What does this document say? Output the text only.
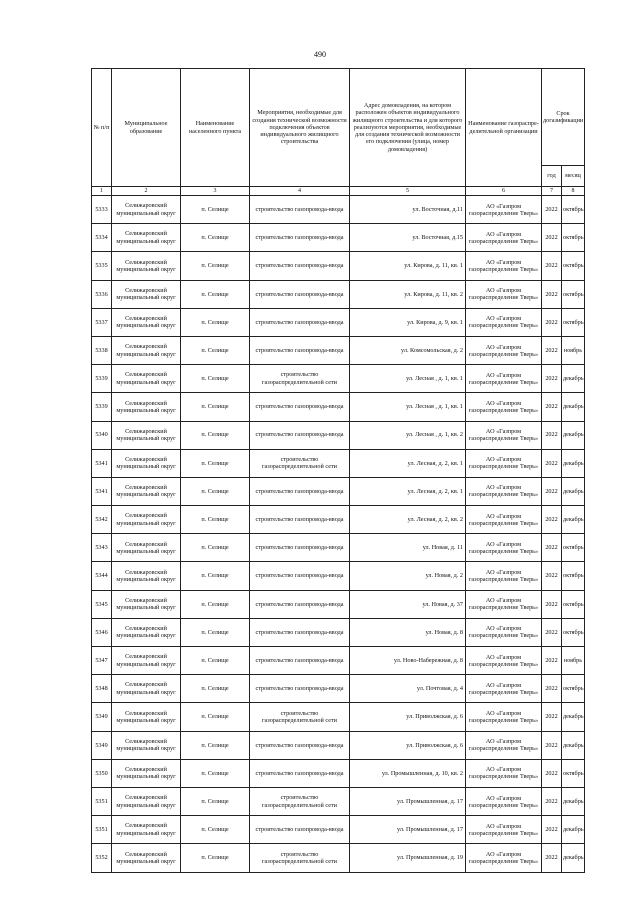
490
№ п/п	Муниципальное образование	Наименование населенного пункта	Мероприятия, необходимые для создания технической возможности подключения объектов индивидуального жилищного строительства	Адрес домовладения, на котором расположен объектов индивидуального жилищного строительства и для которого реализуются мероприятия, необходимые для создания технической возможности его подключения (улица, номер домовладения)	Наименование газораспре-делительной организации	Срок догазификации	
						год	месяц
1	2	3	4	5	6	7	8
5333	Селижаровский муниципальный округ	п. Селище	строительство газопровода-ввода	ул. Восточная, д.11	АО «Газпром газораспределение Тверь»	2022	октябрь
5334	Селижаровский муниципальный округ	п. Селище	строительство газопровода-ввода	ул. Восточная, д.15	АО «Газпром газораспределение Тверь»	2022	октябрь
5335	Селижаровский муниципальный округ	п. Селище	строительство газопровода-ввода	ул. Кирова, д. 11, кв. 1	АО «Газпром газораспределение Тверь»	2022	октябрь
5336	Селижаровский муниципальный округ	п. Селище	строительство газопровода-ввода	ул. Кирова, д. 11, кв. 2	АО «Газпром газораспределение Тверь»	2022	октябрь
5337	Селижаровский муниципальный округ	п. Селище	строительство газопровода-ввода	ул. Кирова, д. 9, кв. 1	АО «Газпром газораспределение Тверь»	2022	октябрь
5338	Селижаровский муниципальный округ	п. Селище	строительство газопровода-ввода	ул. Комсомольская, д. 2	АО «Газпром газораспределение Тверь»	2022	ноябрь
5339	Селижаровский муниципальный округ	п. Селище	строительство газораспределительной сети	ул. Лесная , д. 1, кв. 1	АО «Газпром газораспределение Тверь»	2022	декабрь
5339	Селижаровский муниципальный округ	п. Селище	строительство газопровода-ввода	ул. Лесная , д. 1, кв. 1	АО «Газпром газораспределение Тверь»	2022	декабрь
5340	Селижаровский муниципальный округ	п. Селище	строительство газопровода-ввода	ул. Лесная , д. 1, кв. 2	АО «Газпром газораспределение Тверь»	2022	декабрь
5341	Селижаровский муниципальный округ	п. Селище	строительство газораспределительной сети	ул. Лесная, д. 2, кв. 1	АО «Газпром газораспределение Тверь»	2022	декабрь
5341	Селижаровский муниципальный округ	п. Селище	строительство газопровода-ввода	ул. Лесная, д. 2, кв. 1	АО «Газпром газораспределение Тверь»	2022	декабрь
5342	Селижаровский муниципальный округ	п. Селище	строительство газопровода-ввода	ул. Лесная, д. 2, кв. 2	АО «Газпром газораспределение Тверь»	2022	декабрь
5343	Селижаровский муниципальный округ	п. Селище	строительство газопровода-ввода	ул. Новая, д. 11	АО «Газпром газораспределение Тверь»	2022	октябрь
5344	Селижаровский муниципальный округ	п. Селище	строительство газопровода-ввода	ул. Новая, д. 2	АО «Газпром газораспределение Тверь»	2022	октябрь
5345	Селижаровский муниципальный округ	п. Селище	строительство газопровода-ввода	ул. Новая, д. 37	АО «Газпром газораспределение Тверь»	2022	октябрь
5346	Селижаровский муниципальный округ	п. Селище	строительство газопровода-ввода	ул. Новая, д. 8	АО «Газпром газораспределение Тверь»	2022	октябрь
5347	Селижаровский муниципальный округ	п. Селище	строительство газопровода-ввода	ул. Ново-Набережная, д. 8	АО «Газпром газораспределение Тверь»	2022	ноябрь
5348	Селижаровский муниципальный округ	п. Селище	строительство газопровода-ввода	ул. Почтовая, д. 4	АО «Газпром газораспределение Тверь»	2022	октябрь
5349	Селижаровский муниципальный округ	п. Селище	строительство газораспределительной сети	ул. Приволжская, д. 6	АО «Газпром газораспределение Тверь»	2022	декабрь
5349	Селижаровский муниципальный округ	п. Селище	строительство газопровода-ввода	ул. Приволжская, д. 6	АО «Газпром газораспределение Тверь»	2022	декабрь
5350	Селижаровский муниципальный округ	п. Селище	строительство газопровода-ввода	ул. Промышленная, д. 10, кв. 2	АО «Газпром газораспределение Тверь»	2022	октябрь
5351	Селижаровский муниципальный округ	п. Селище	строительство газораспределительной сети	ул. Промышленная, д. 17	АО «Газпром газораспределение Тверь»	2022	декабрь
5351	Селижаровский муниципальный округ	п. Селище	строительство газопровода-ввода	ул. Промышленная, д. 17	АО «Газпром газораспределение Тверь»	2022	декабрь
5352	Селижаровский муниципальный округ	п. Селище	строительство газораспределительной сети	ул. Промышленная, д. 19	АО «Газпром газораспределение Тверь»	2022	декабрь
